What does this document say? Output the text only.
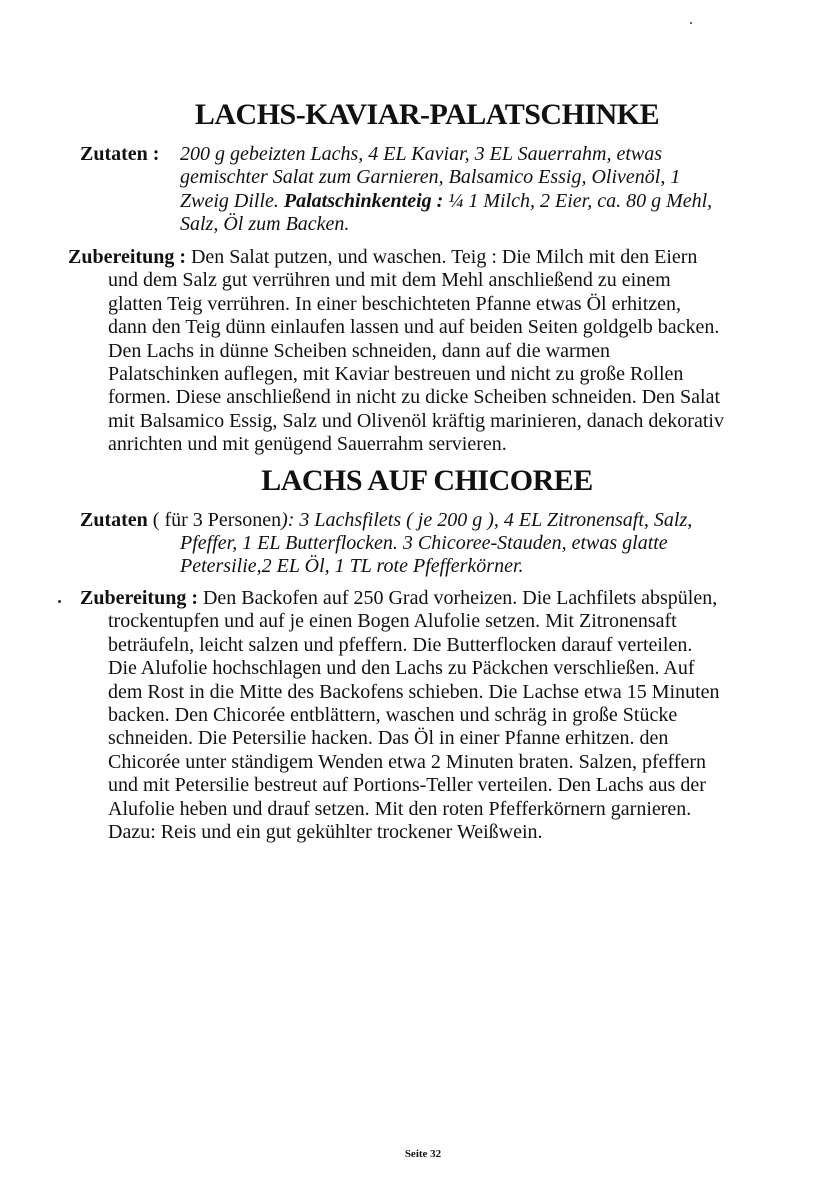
LACHS-KAVIAR-PALATSCHINKE
Zutaten : 200 g gebeizten Lachs, 4 EL Kaviar, 3 EL Sauerrahm, etwas
gemischter Salat zum Garnieren, Balsamico Essig, Olivenöl, 1
Zweig Dille. Palatschinkenteig : ¼ 1 Milch, 2 Eier, ca. 80 g Mehl,
Salz, Öl zum Backen.
Zubereitung : Den Salat putzen, und waschen. Teig : Die Milch mit den Eiern
und dem Salz gut verrühren und mit dem Mehl anschließend zu einem
glatten Teig verrühren. In einer beschichteten Pfanne etwas Öl erhitzen,
dann den Teig dünn einlaufen lassen und auf beiden Seiten goldgelb backen.
Den Lachs in dünne Scheiben schneiden, dann auf die warmen
Palatschinken auflegen, mit Kaviar bestreuen und nicht zu große Rollen
formen. Diese anschließend in nicht zu dicke Scheiben schneiden. Den Salat
mit Balsamico Essig, Salz und Olivenöl kräftig marinieren, danach dekorativ
anrichten und mit genügend Sauerrahm servieren.
LACHS AUF CHICOREE
Zutaten ( für 3 Personen): 3 Lachsfilets ( je 200 g ), 4 EL Zitronensaft, Salz,
Pfeffer, 1 EL Butterflocken. 3 Chicoree-Stauden, etwas glatte
Petersilie,2 EL Öl, 1 TL rote Pfefferkörner.
Zubereitung : Den Backofen auf 250 Grad vorheizen. Die Lachfilets abspülen,
trockentupfen und auf je einen Bogen Alufolie setzen. Mit Zitronensaft
beträufeln, leicht salzen und pfeffern. Die Butterflocken darauf verteilen.
Die Alufolie hochschlagen und den Lachs zu Päckchen verschließen. Auf
dem Rost in die Mitte des Backofens schieben. Die Lachse etwa 15 Minuten
backen. Den Chicorée entblättern, waschen und schräg in große Stücke
schneiden. Die Petersilie hacken. Das Öl in einer Pfanne erhitzen. den
Chicorée unter ständigem Wenden etwa 2 Minuten braten. Salzen, pfeffern
und mit Petersilie bestreut auf Portions-Teller verteilen. Den Lachs aus der
Alufolie heben und drauf setzen. Mit den roten Pfefferkörnern garnieren.
Dazu: Reis und ein gut gekühlter trockener Weißwein.
Seite 32
